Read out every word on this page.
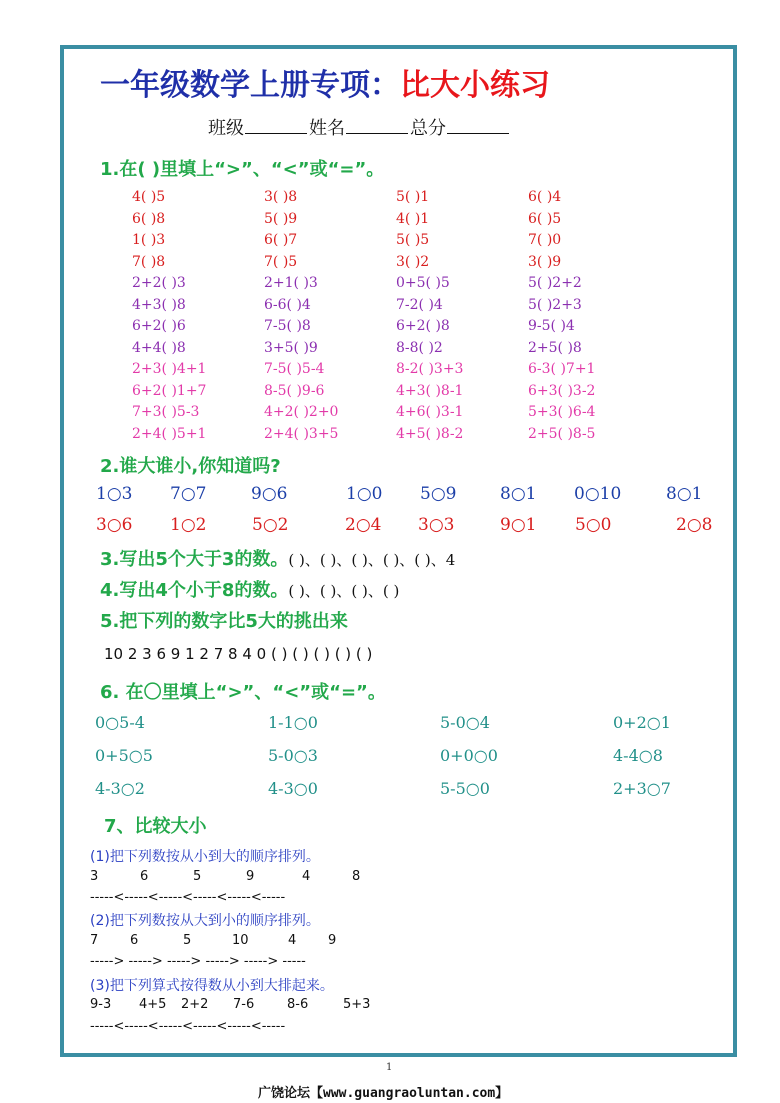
一年级数学上册专项：比大小练习
班级	姓名	总分
1.在( )里填上“>”、“<”或“=”。
4( )5	3( )8	5( )1	6( )4
6( )8	5( )9	4( )1	6( )5
1( )3	6( )7	5( )5	7( )0
7( )8	7( )5	3( )2	3( )9
2+2( )3	2+1( )3	0+5( )5	5( )2+2
4+3( )8	6-6( )4	7-2( )4	5( )2+3
6+2( )6	7-5( )8	6+2( )8	9-5( )4
4+4( )8	3+5( )9	8-8( )2	2+5( )8
2+3( )4+1	7-5( )5-4	8-2( )3+3	6-3( )7+1
6+2( )1+7	8-5( )9-6	4+3( )8-1	6+3( )3-2
7+3( )5-3	4+2( )2+0	4+6( )3-1	5+3( )6-4
2+4( )5+1	2+4( )3+5	4+5( )8-2	2+5( )8-5
2.谁大谁小,你知道吗?
1○3 7○7	9○6	1○0 5○9	8○1 0○10	8○1
3○6 1○2	5○2	2○4 3○3	9○1 5○0	2○8
3.写出5个大于3的数。( )、( )、( )、( )、( )、4
4.写出4个小于8的数。( )、( )、( )、( )
5.把下列的数字比5大的挑出来
10 2 3 6 9 1 2 7 8 4 0 ( ) ( ) ( ) ( ) ( )
6. 在〇里填上“>”、“<”或“=”。
0○5-4	1-1○0	5-0○4	0+2○1
0+5○5	5-0○3	0+0○0	4-4○8
4-3○2	4-3○0	5-5○0	2+3○7
7、比较大小
(1)把下列数按从小到大的顺序排列。
3	6	5	9	4	8
-----<-----<-----<-----<-----<-----
(2)把下列数按从大到小的顺序排列。
7 6	5	10	4 9
-----> -----> -----> -----> -----> -----
(3)把下列算式按得数从小到大排起来。
9-3 4+5 2+2 7-6	8-6	5+3
-----<-----<-----<-----<-----<-----
1
广饶论坛【www.guangraoluntan.com】
